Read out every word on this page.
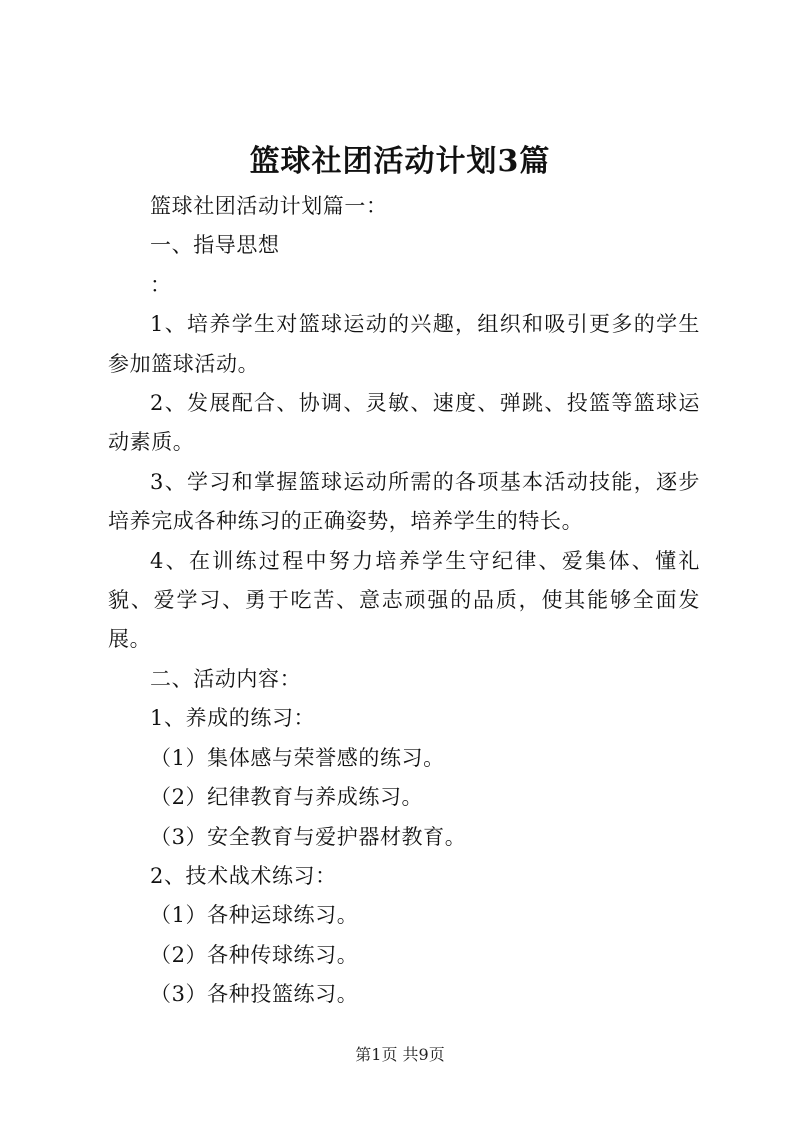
篮球社团活动计划3篇

篮球社团活动计划篇一：

一、指导思想

：

1、培养学生对篮球运动的兴趣，组织和吸引更多的学生参加篮球活动。

2、发展配合、协调、灵敏、速度、弹跳、投篮等篮球运动素质。

3、学习和掌握篮球运动所需的各项基本活动技能，逐步培养完成各种练习的正确姿势，培养学生的特长。

4、在训练过程中努力培养学生守纪律、爱集体、懂礼貌、爱学习、勇于吃苦、意志顽强的品质，使其能够全面发展。

二、活动内容：

1、养成的练习：

（1）集体感与荣誉感的练习。

（2）纪律教育与养成练习。

（3）安全教育与爱护器材教育。

2、技术战术练习：

（1）各种运球练习。

（2）各种传球练习。

（3）各种投篮练习。

第1页 共9页
